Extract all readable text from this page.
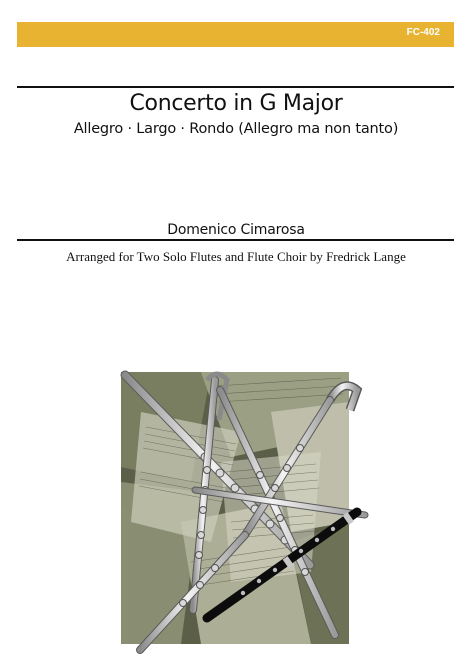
FC-402
Concerto in G Major
Allegro · Largo · Rondo (Allegro ma non tanto)
Domenico Cimarosa
Arranged for Two Solo Flutes and Flute Choir by Fredrick Lange
